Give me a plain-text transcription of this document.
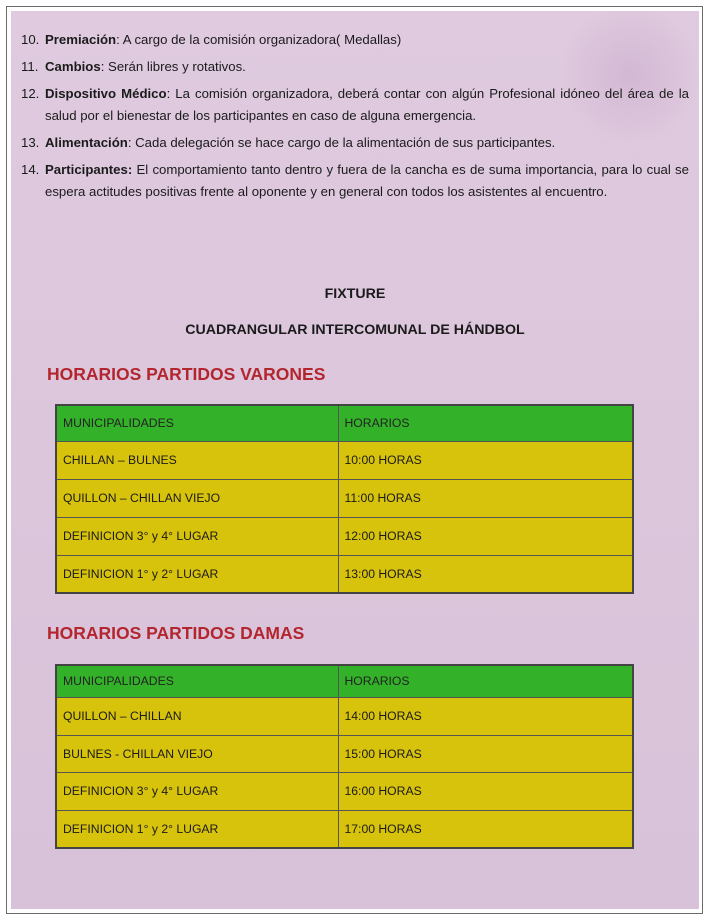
10. Premiación: A cargo de la comisión organizadora( Medallas)
11. Cambios: Serán libres y rotativos.
12. Dispositivo Médico: La comisión organizadora, deberá contar con algún Profesional idóneo del área de la salud por el bienestar de los participantes en caso de alguna emergencia.
13. Alimentación: Cada delegación se hace cargo de la alimentación de sus participantes.
14. Participantes: El comportamiento tanto dentro y fuera de la cancha es de suma importancia, para lo cual se espera actitudes positivas frente al oponente y en general con todos los asistentes al encuentro.
FIXTURE
CUADRANGULAR INTERCOMUNAL DE HÁNDBOL
HORARIOS PARTIDOS VARONES
MUNICIPALIDADES	HORARIOS
CHILLAN – BULNES	10:00 HORAS
QUILLON – CHILLAN VIEJO	11:00 HORAS
DEFINICION 3° y 4° LUGAR	12:00 HORAS
DEFINICION 1° y 2° LUGAR	13:00 HORAS
HORARIOS PARTIDOS DAMAS
MUNICIPALIDADES	HORARIOS
QUILLON – CHILLAN	14:00 HORAS
BULNES - CHILLAN VIEJO	15:00 HORAS
DEFINICION 3° y 4° LUGAR	16:00 HORAS
DEFINICION 1° y 2° LUGAR	17:00 HORAS
